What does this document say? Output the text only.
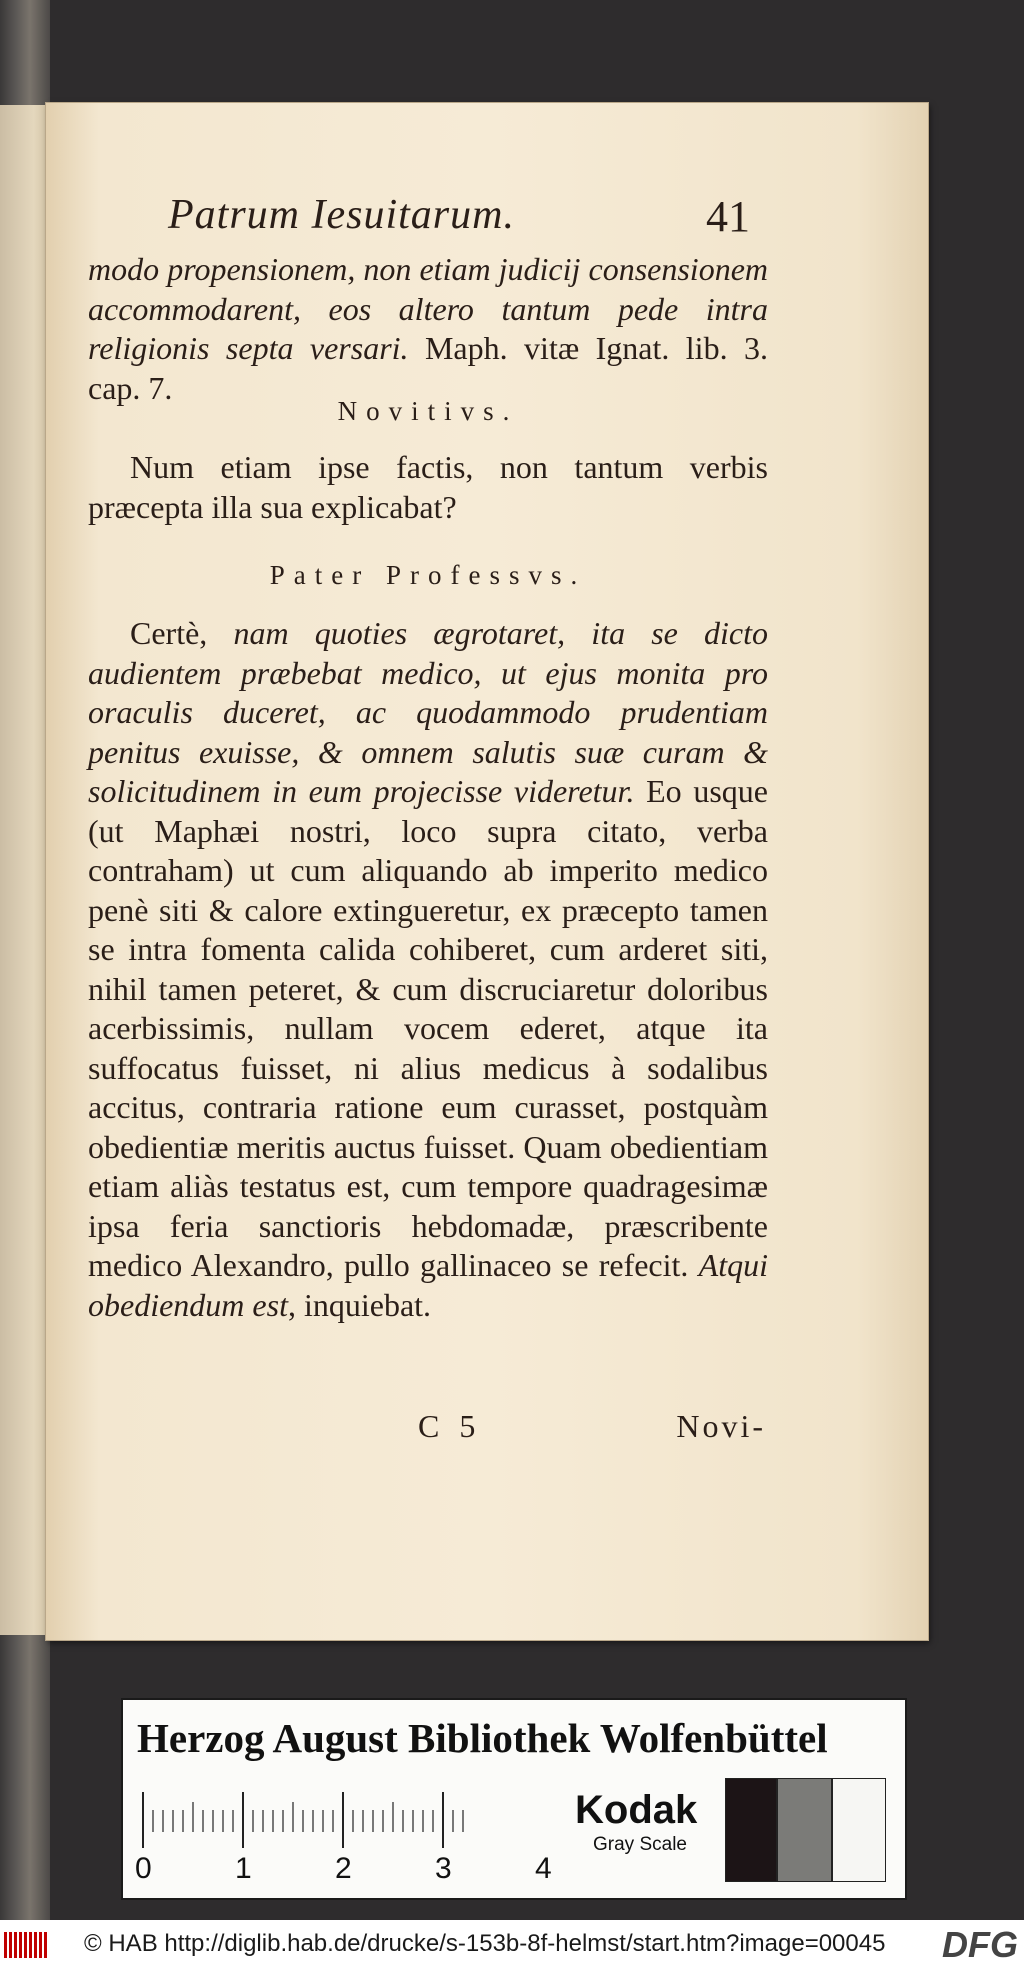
Patrum Iesuitarum.	41
modo propensionem, non etiam judicij consensionem accommodarent, eos altero tantum pede intra religionis septa versari. Maph. vitæ Ignat. lib. 3. cap. 7.
Novitivs.
Num etiam ipse factis, non tantum verbis præcepta illa sua explicabat?
Pater Professvs.
Certè, nam quoties ægrotaret, ita se dicto audientem præbebat medico, ut ejus monita pro oraculis duceret, ac quodammodo prudentiam penitus exuisse, & omnem salutis suæ curam & solicitudinem in eum projecisse videretur. Eo usque (ut Maphæi nostri, loco supra citato, verba contraham) ut cum aliquando ab imperito medico penè siti & calore extingueretur, ex præcepto tamen se intra fomenta calida cohiberet, cum arderet siti, nihil tamen peteret, & cum discruciaretur doloribus acerbissimis, nullam vocem ederet, atque ita suffocatus fuisset, ni alius medicus à sodalibus accitus, contraria ratione eum curasset, postquàm obedientiæ meritis auctus fuisset. Quam obedientiam etiam aliàs testatus est, cum tempore quadragesimæ ipsa feria sanctioris hebdomadæ, præscribente medico Alexandro, pullo gallinaceo se refecit. Atqui obediendum est, inquiebat.
C 5	Novi-
Herzog August Bibliothek Wolfenbüttel
0	1	2	3	4
Kodak
Gray Scale
© HAB http://diglib.hab.de/drucke/s-153b-8f-helmst/start.htm?image=00045 DFG
